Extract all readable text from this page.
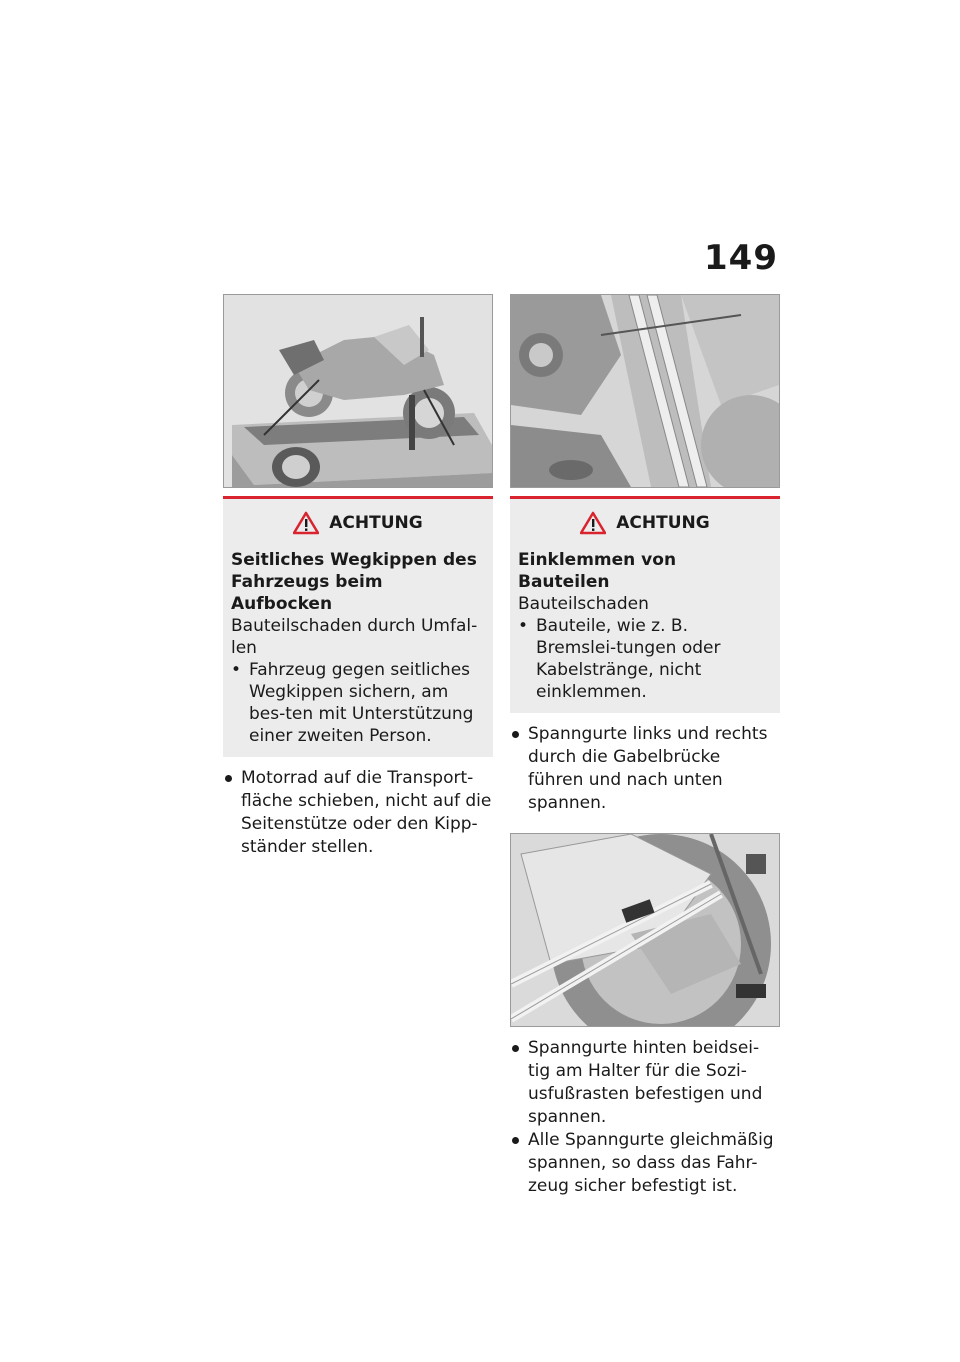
149
ACHTUNG
Seitliches Wegkippen des Fahrzeugs beim Aufbocken
Bauteilschaden durch Umfal-len
• Fahrzeug gegen seitliches Wegkippen sichern, am bes-ten mit Unterstützung einer zweiten Person.
Motorrad auf die Transport-fläche schieben, nicht auf die Seitenstütze oder den Kipp-ständer stellen.
ACHTUNG
Einklemmen von Bauteilen
Bauteilschaden
• Bauteile, wie z. B. Bremslei-tungen oder Kabelstränge, nicht einklemmen.
Spanngurte links und rechts durch die Gabelbrücke führen und nach unten spannen.
Spanngurte hinten beidsei-tig am Halter für die Sozi-usfußrasten befestigen und spannen.
Alle Spanngurte gleichmäßig spannen, so dass das Fahr-zeug sicher befestigt ist.
